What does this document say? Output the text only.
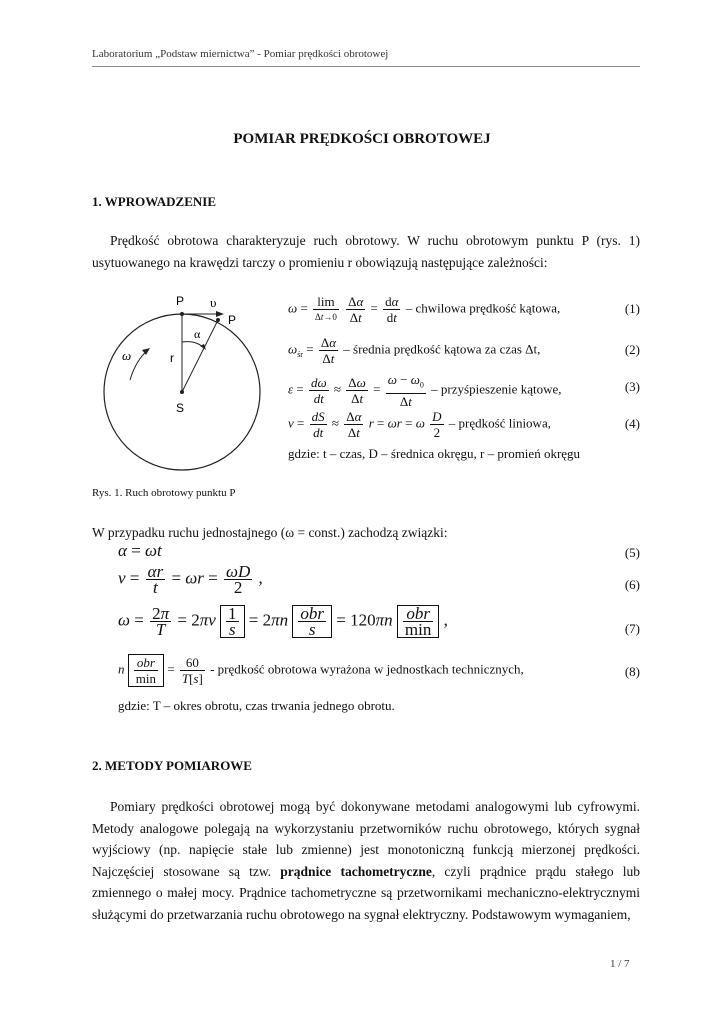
Laboratorium „Podstaw miernictwa” - Pomiar prędkości obrotowej
POMIAR PRĘDKOŚCI OBROTOWEJ
1. WPROWADZENIE
Prędkość obrotowa charakteryzuje ruch obrotowy. W ruchu obrotowym punktu P (rys. 1) usytuowanego na krawędzi tarczy o promieniu r obowiązują następujące zależności:
P
P
υ
α
ω	r
S
Rys. 1. Ruch obrotowy punktu P
ω = lim
Δt→0
$\frac{\Delta\alpha}{\Delta t} = \frac{d\alpha}{dt}$ – chwilowa prędkość kątowa,	(1)
$\omega_{śr} = \frac{\Delta\alpha}{\Delta t}$ – średnia prędkość kątowa za czas Δt,	(2)
$\varepsilon = \frac{d\omega}{dt} \approx \frac{\Delta\omega}{\Delta t} = \frac{\omega - \omega_0}{\Delta t}$ – przyśpieszenie kątowe,	(3)
$\nu = \frac{dS}{dt} \approx \frac{\Delta\alpha}{\Delta t}$ r = ωr = ω $\frac{D}{2}$ – prędkość liniowa,	(4)
gdzie: t – czas, D – średnica okręgu, r – promień okręgu
W przypadku ruchu jednostajnego (ω = const.) zachodzą związki:
α = ωt	(5)
$\nu = \frac{\alpha r}{t} = \omega r = \frac{\omega D}{2}$ ,	(6)
$\omega = \frac{2\pi}{T} = 2\pi\nu \frac{1}{s} = 2\pi n$ obr
s
= 120πn obr
min
,	(7)
n obr
min
= $\frac{60}{T[s]}$ - prędkość obrotowa wyrażona w jednostkach technicznych,	(8)
gdzie: T – okres obrotu, czas trwania jednego obrotu.
2. METODY POMIAROWE
Pomiary prędkości obrotowej mogą być dokonywane metodami analogowymi lub cyfrowymi. Metody analogowe polegają na wykorzystaniu przetworników ruchu obrotowego, których sygnał wyjściowy (np. napięcie stałe lub zmienne) jest monotoniczną funkcją mierzonej prędkości. Najczęściej stosowane są tzw. prądnice tachometryczne, czyli prądnice prądu stałego lub zmiennego o małej mocy. Prądnice tachometryczne są przetwornikami mechaniczno-elektrycznymi służącymi do przetwarzania ruchu obrotowego na sygnał elektryczny. Podstawowym wymaganiem,
1 / 7
